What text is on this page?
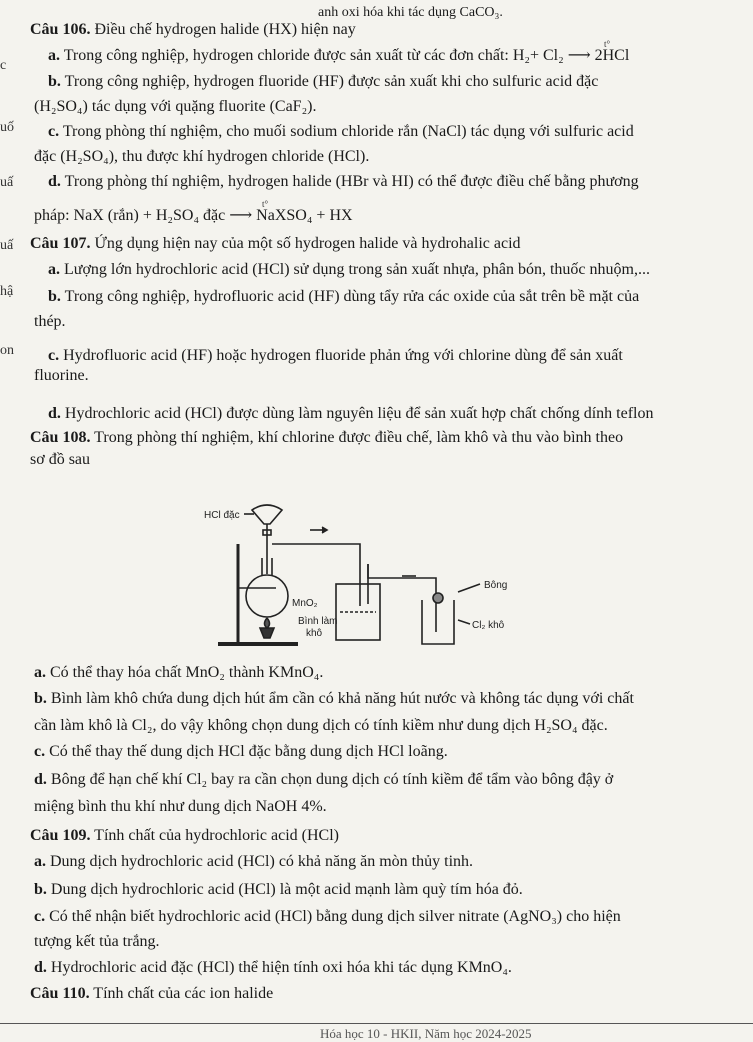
anh oxi hóa khi tác dụng CaCO₃.
c
uố
uấ
uấ
hậ
on
Câu 106. Điều chế hydrogen halide (HX) hiện nay
a. Trong công nghiệp, hydrogen chloride được sản xuất từ các đơn chất: H₂+ Cl₂ ⟶ 2HCl
t°
b. Trong công nghiệp, hydrogen fluoride (HF) được sản xuất khi cho sulfuric acid đặc
(H₂SO₄) tác dụng với quặng fluorite (CaF₂).
c. Trong phòng thí nghiệm, cho muối sodium chloride rắn (NaCl) tác dụng với sulfuric acid
đặc (H₂SO₄), thu được khí hydrogen chloride (HCl).
d. Trong phòng thí nghiệm, hydrogen halide (HBr và HI) có thể được điều chế bằng phương
pháp: NaX (rắn) + H₂SO₄ đặc ⟶ NaXSO₄ + HX
t°
Câu 107. Ứng dụng hiện nay của một số hydrogen halide và hydrohalic acid
a. Lượng lớn hydrochloric acid (HCl) sử dụng trong sản xuất nhựa, phân bón, thuốc nhuộm,...
b. Trong công nghiệp, hydrofluoric acid (HF) dùng tẩy rửa các oxide của sắt trên bề mặt của
thép.
c. Hydrofluoric acid (HF) hoặc hydrogen fluoride phản ứng với chlorine dùng để sản xuất
fluorine.
d. Hydrochloric acid (HCl) được dùng làm nguyên liệu để sản xuất hợp chất chống dính teflon
Câu 108. Trong phòng thí nghiệm, khí chlorine được điều chế, làm khô và thu vào bình theo
sơ đồ sau
HCl đặc
MnO₂
Bình làm
khô
Bông
Cl₂ khô
a. Có thể thay hóa chất MnO₂ thành KMnO₄.
b. Bình làm khô chứa dung dịch hút ẩm cần có khả năng hút nước và không tác dụng với chất
cần làm khô là Cl₂, do vậy không chọn dung dịch có tính kiềm như dung dịch H₂SO₄ đặc.
c. Có thể thay thế dung dịch HCl đặc bằng dung dịch HCl loãng.
d. Bông để hạn chế khí Cl₂ bay ra cần chọn dung dịch có tính kiềm để tẩm vào bông đậy ở
miệng bình thu khí như dung dịch NaOH 4%.
Câu 109. Tính chất của hydrochloric acid (HCl)
a. Dung dịch hydrochloric acid (HCl) có khả năng ăn mòn thủy tinh.
b. Dung dịch hydrochloric acid (HCl) là một acid mạnh làm quỳ tím hóa đỏ.
c. Có thể nhận biết hydrochloric acid (HCl) bằng dung dịch silver nitrate (AgNO₃) cho hiện
tượng kết tủa trắng.
d. Hydrochloric acid đặc (HCl) thể hiện tính oxi hóa khi tác dụng KMnO₄.
Câu 110. Tính chất của các ion halide
Hóa học 10 - HKII, Năm học 2024-2025
